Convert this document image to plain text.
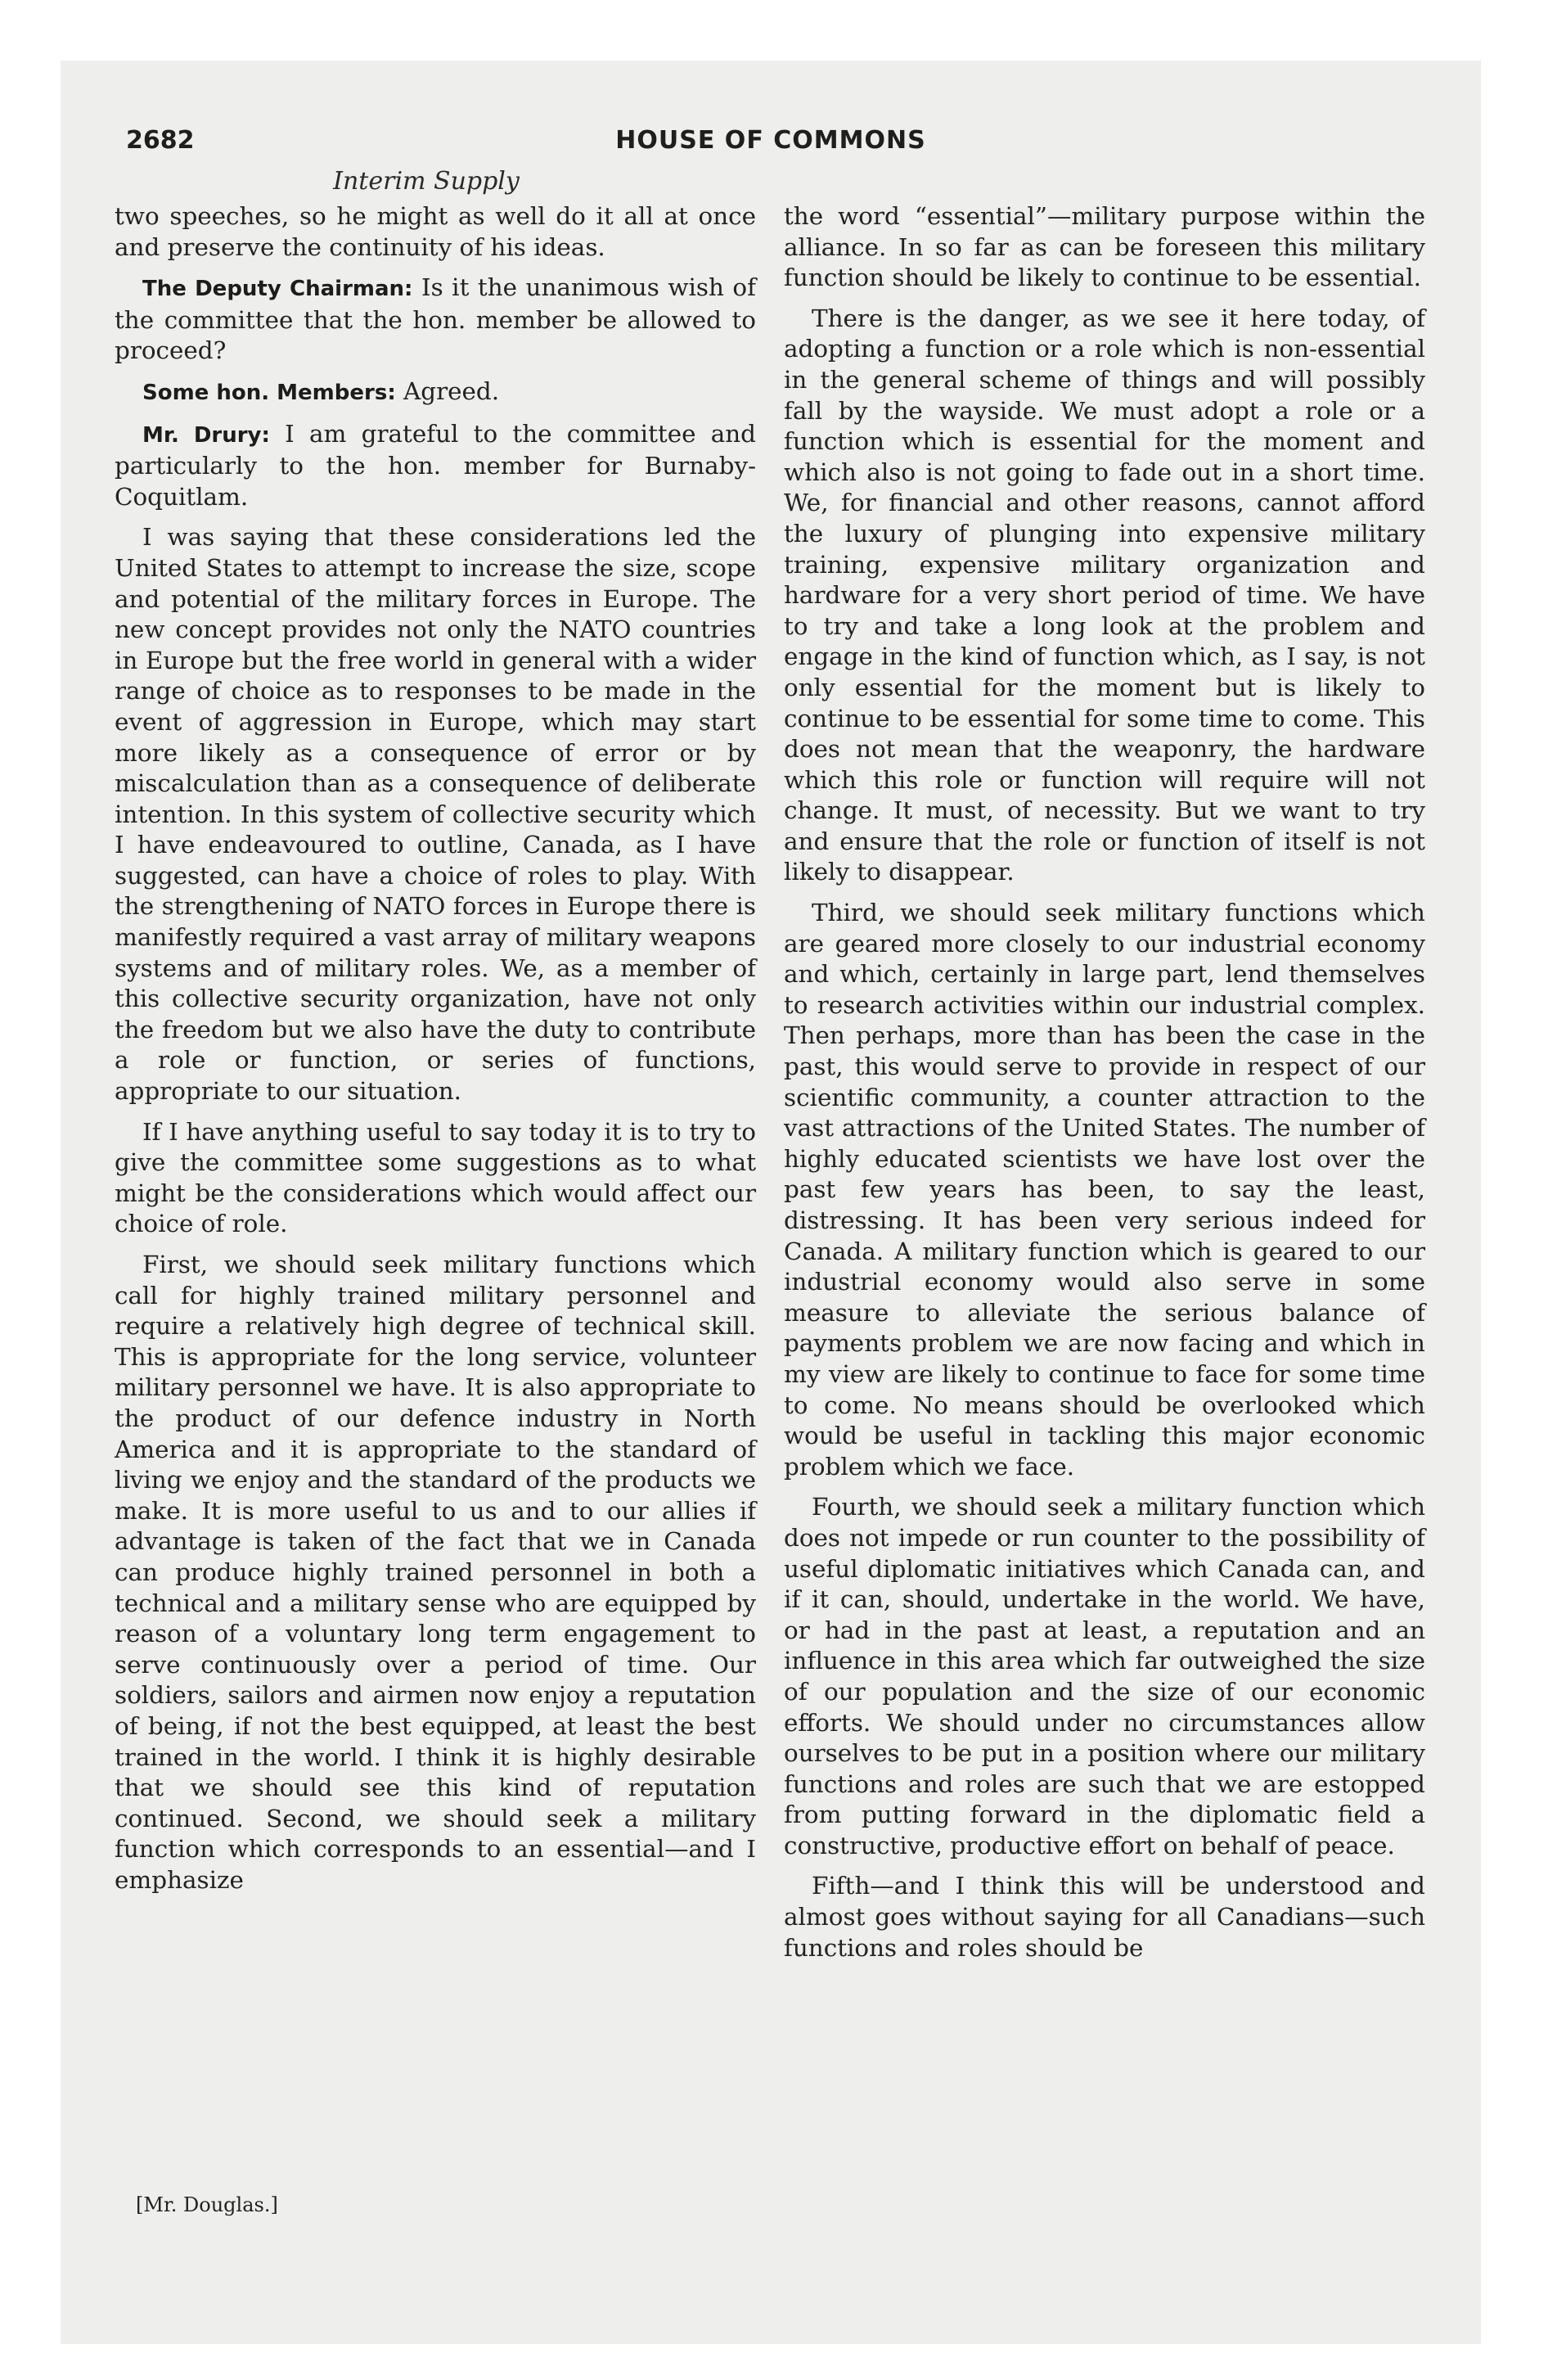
2682	HOUSE OF COMMONS
Interim Supply

two speeches, so he might as well do it all at once and preserve the continuity of his ideas.

The Deputy Chairman: Is it the unanimous wish of the committee that the hon. member be allowed to proceed?

Some hon. Members: Agreed.

Mr. Drury: I am grateful to the committee and particularly to the hon. member for Burnaby-Coquitlam.

I was saying that these considerations led the United States to attempt to increase the size, scope and potential of the military forces in Europe. The new concept provides not only the NATO countries in Europe but the free world in general with a wider range of choice as to responses to be made in the event of aggression in Europe, which may start more likely as a consequence of error or by miscalculation than as a consequence of deliberate intention. In this system of collective security which I have endeavoured to outline, Canada, as I have suggested, can have a choice of roles to play. With the strengthening of NATO forces in Europe there is manifestly required a vast array of military weapons systems and of military roles. We, as a member of this collective security organization, have not only the freedom but we also have the duty to contribute a role or function, or series of functions, appropriate to our situation.

If I have anything useful to say today it is to try to give the committee some suggestions as to what might be the considerations which would affect our choice of role.

First, we should seek military functions which call for highly trained military personnel and require a relatively high degree of technical skill. This is appropriate for the long service, volunteer military personnel we have. It is also appropriate to the product of our defence industry in North America and it is appropriate to the standard of living we enjoy and the standard of the products we make. It is more useful to us and to our allies if advantage is taken of the fact that we in Canada can produce highly trained personnel in both a technical and a military sense who are equipped by reason of a voluntary long term engagement to serve continuously over a period of time. Our soldiers, sailors and airmen now enjoy a reputation of being, if not the best equipped, at least the best trained in the world. I think it is highly desirable that we should see this kind of reputation continued. Second, we should seek a military function which corresponds to an essential—and I emphasize

the word “essential”—military purpose within the alliance. In so far as can be foreseen this military function should be likely to continue to be essential.

There is the danger, as we see it here today, of adopting a function or a role which is non-essential in the general scheme of things and will possibly fall by the wayside. We must adopt a role or a function which is essential for the moment and which also is not going to fade out in a short time. We, for financial and other reasons, cannot afford the luxury of plunging into expensive military training, expensive military organization and hardware for a very short period of time. We have to try and take a long look at the problem and engage in the kind of function which, as I say, is not only essential for the moment but is likely to continue to be essential for some time to come. This does not mean that the weaponry, the hardware which this role or function will require will not change. It must, of necessity. But we want to try and ensure that the role or function of itself is not likely to disappear.

Third, we should seek military functions which are geared more closely to our industrial economy and which, certainly in large part, lend themselves to research activities within our industrial complex. Then perhaps, more than has been the case in the past, this would serve to provide in respect of our scientific community, a counter attraction to the vast attractions of the United States. The number of highly educated scientists we have lost over the past few years has been, to say the least, distressing. It has been very serious indeed for Canada. A military function which is geared to our industrial economy would also serve in some measure to alleviate the serious balance of payments problem we are now facing and which in my view are likely to continue to face for some time to come. No means should be overlooked which would be useful in tackling this major economic problem which we face.

Fourth, we should seek a military function which does not impede or run counter to the possibility of useful diplomatic initiatives which Canada can, and if it can, should, undertake in the world. We have, or had in the past at least, a reputation and an influence in this area which far outweighed the size of our population and the size of our economic efforts. We should under no circumstances allow ourselves to be put in a position where our military functions and roles are such that we are estopped from putting forward in the diplomatic field a constructive, productive effort on behalf of peace.

Fifth—and I think this will be understood and almost goes without saying for all Canadians—such functions and roles should be

[Mr. Douglas.]
